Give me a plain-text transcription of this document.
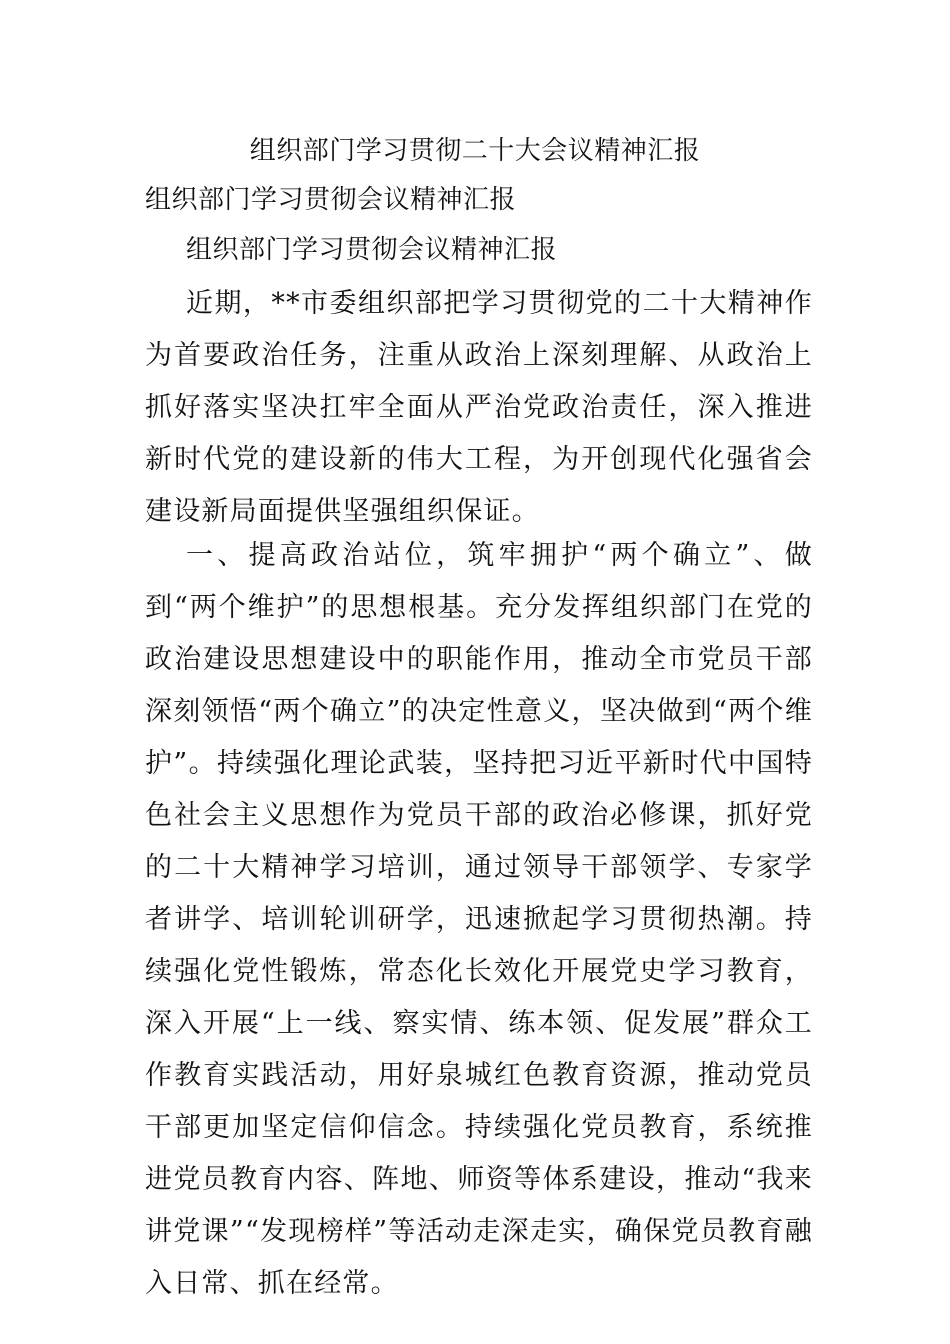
组织部门学习贯彻二十大会议精神汇报
组织部门学习贯彻会议精神汇报
组织部门学习贯彻会议精神汇报

近期，**市委组织部把学习贯彻党的二十大精神作为首要政治任务，注重从政治上深刻理解、从政治上抓好落实坚决扛牢全面从严治党政治责任，深入推进新时代党的建设新的伟大工程，为开创现代化强省会建设新局面提供坚强组织保证。

一、提高政治站位，筑牢拥护“两个确立”、做到“两个维护”的思想根基。充分发挥组织部门在党的政治建设思想建设中的职能作用，推动全市党员干部深刻领悟“两个确立”的决定性意义，坚决做到“两个维护”。持续强化理论武装，坚持把习近平新时代中国特色社会主义思想作为党员干部的政治必修课，抓好党的二十大精神学习培训，通过领导干部领学、专家学者讲学、培训轮训研学，迅速掀起学习贯彻热潮。持续强化党性锻炼，常态化长效化开展党史学习教育，深入开展“上一线、察实情、练本领、促发展”群众工作教育实践活动，用好泉城红色教育资源，推动党员干部更加坚定信仰信念。持续强化党员教育，系统推进党员教育内容、阵地、师资等体系建设，推动“我来讲党课”“发现榜样”等活动走深走实，确保党员教育融入日常、抓在经常。
